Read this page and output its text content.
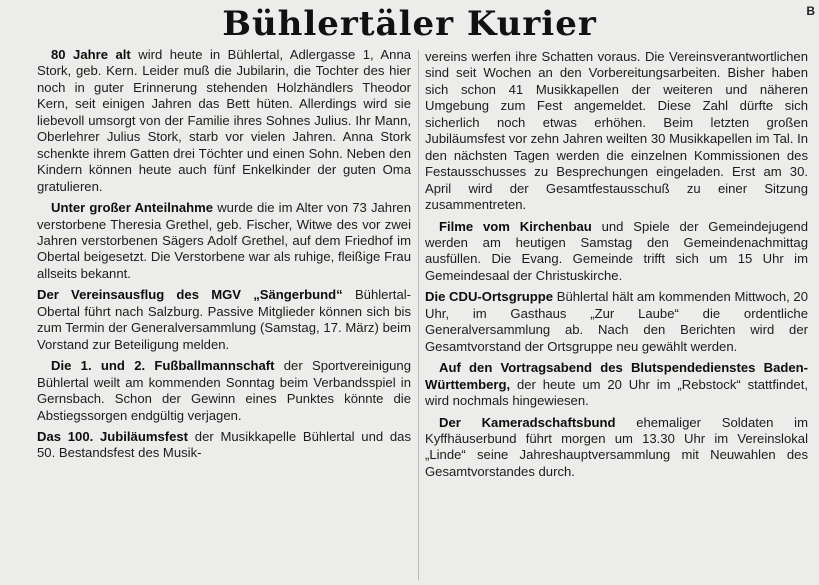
Bühlertäler Kurier	B

80 Jahre alt wird heute in Bühlertal, Adlergasse 1, Anna Stork, geb. Kern. Leider muß die Jubilarin, die Tochter des hier noch in guter Erinnerung stehenden Holzhändlers Theodor Kern, seit einigen Jahren das Bett hüten. Allerdings wird sie liebevoll umsorgt von der Familie ihres Sohnes Julius. Ihr Mann, Oberlehrer Julius Stork, starb vor vielen Jahren. Anna Stork schenkte ihrem Gatten drei Töchter und einen Sohn. Neben den Kindern können heute auch fünf Enkelkinder der guten Oma gratulieren.

Unter großer Anteilnahme wurde die im Alter von 73 Jahren verstorbene Theresia Grethel, geb. Fischer, Witwe des vor zwei Jahren verstorbenen Sägers Adolf Grethel, auf dem Friedhof im Obertal beigesetzt. Die Verstorbene war als ruhige, fleißige Frau allseits bekannt.

Der Vereinsausflug des MGV „Sängerbund“ Bühlertal-Obertal führt nach Salzburg. Passive Mitglieder können sich bis zum Termin der Generalversammlung (Samstag, 17. März) beim Vorstand zur Beteiligung melden.

Die 1. und 2. Fußballmannschaft der Sportvereinigung Bühlertal weilt am kommenden Sonntag beim Verbandsspiel in Gernsbach. Schon der Gewinn eines Punktes könnte die Abstiegssorgen endgültig verjagen.

Das 100. Jubiläumsfest der Musikkapelle Bühlertal und das 50. Bestandsfest des Musik-

vereins werfen ihre Schatten voraus. Die Vereinsverantwortlichen sind seit Wochen an den Vorbereitungsarbeiten. Bisher haben sich schon 41 Musikkapellen der weiteren und näheren Umgebung zum Fest angemeldet. Diese Zahl dürfte sich sicherlich noch etwas erhöhen. Beim letzten großen Jubiläumsfest vor zehn Jahren weilten 30 Musikkapellen im Tal. In den nächsten Tagen werden die einzelnen Kommissionen des Festausschusses zu Besprechungen eingeladen. Erst am 30. April wird der Gesamtfestausschuß zu einer Sitzung zusammentreten.

Filme vom Kirchenbau und Spiele der Gemeindejugend werden am heutigen Samstag den Gemeindenachmittag ausfüllen. Die Evang. Gemeinde trifft sich um 15 Uhr im Gemeindesaal der Christuskirche.

Die CDU-Ortsgruppe Bühlertal hält am kommenden Mittwoch, 20 Uhr, im Gasthaus „Zur Laube“ die ordentliche Generalversammlung ab. Nach den Berichten wird der Gesamtvorstand der Ortsgruppe neu gewählt werden.

Auf den Vortragsabend des Blutspendedienstes Baden-Württemberg, der heute um 20 Uhr im „Rebstock“ stattfindet, wird nochmals hingewiesen.

Der Kameradschaftsbund ehemaliger Soldaten im Kyffhäuserbund führt morgen um 13.30 Uhr im Vereinslokal „Linde“ seine Jahreshauptversammlung mit Neuwahlen des Gesamtvorstandes durch.
